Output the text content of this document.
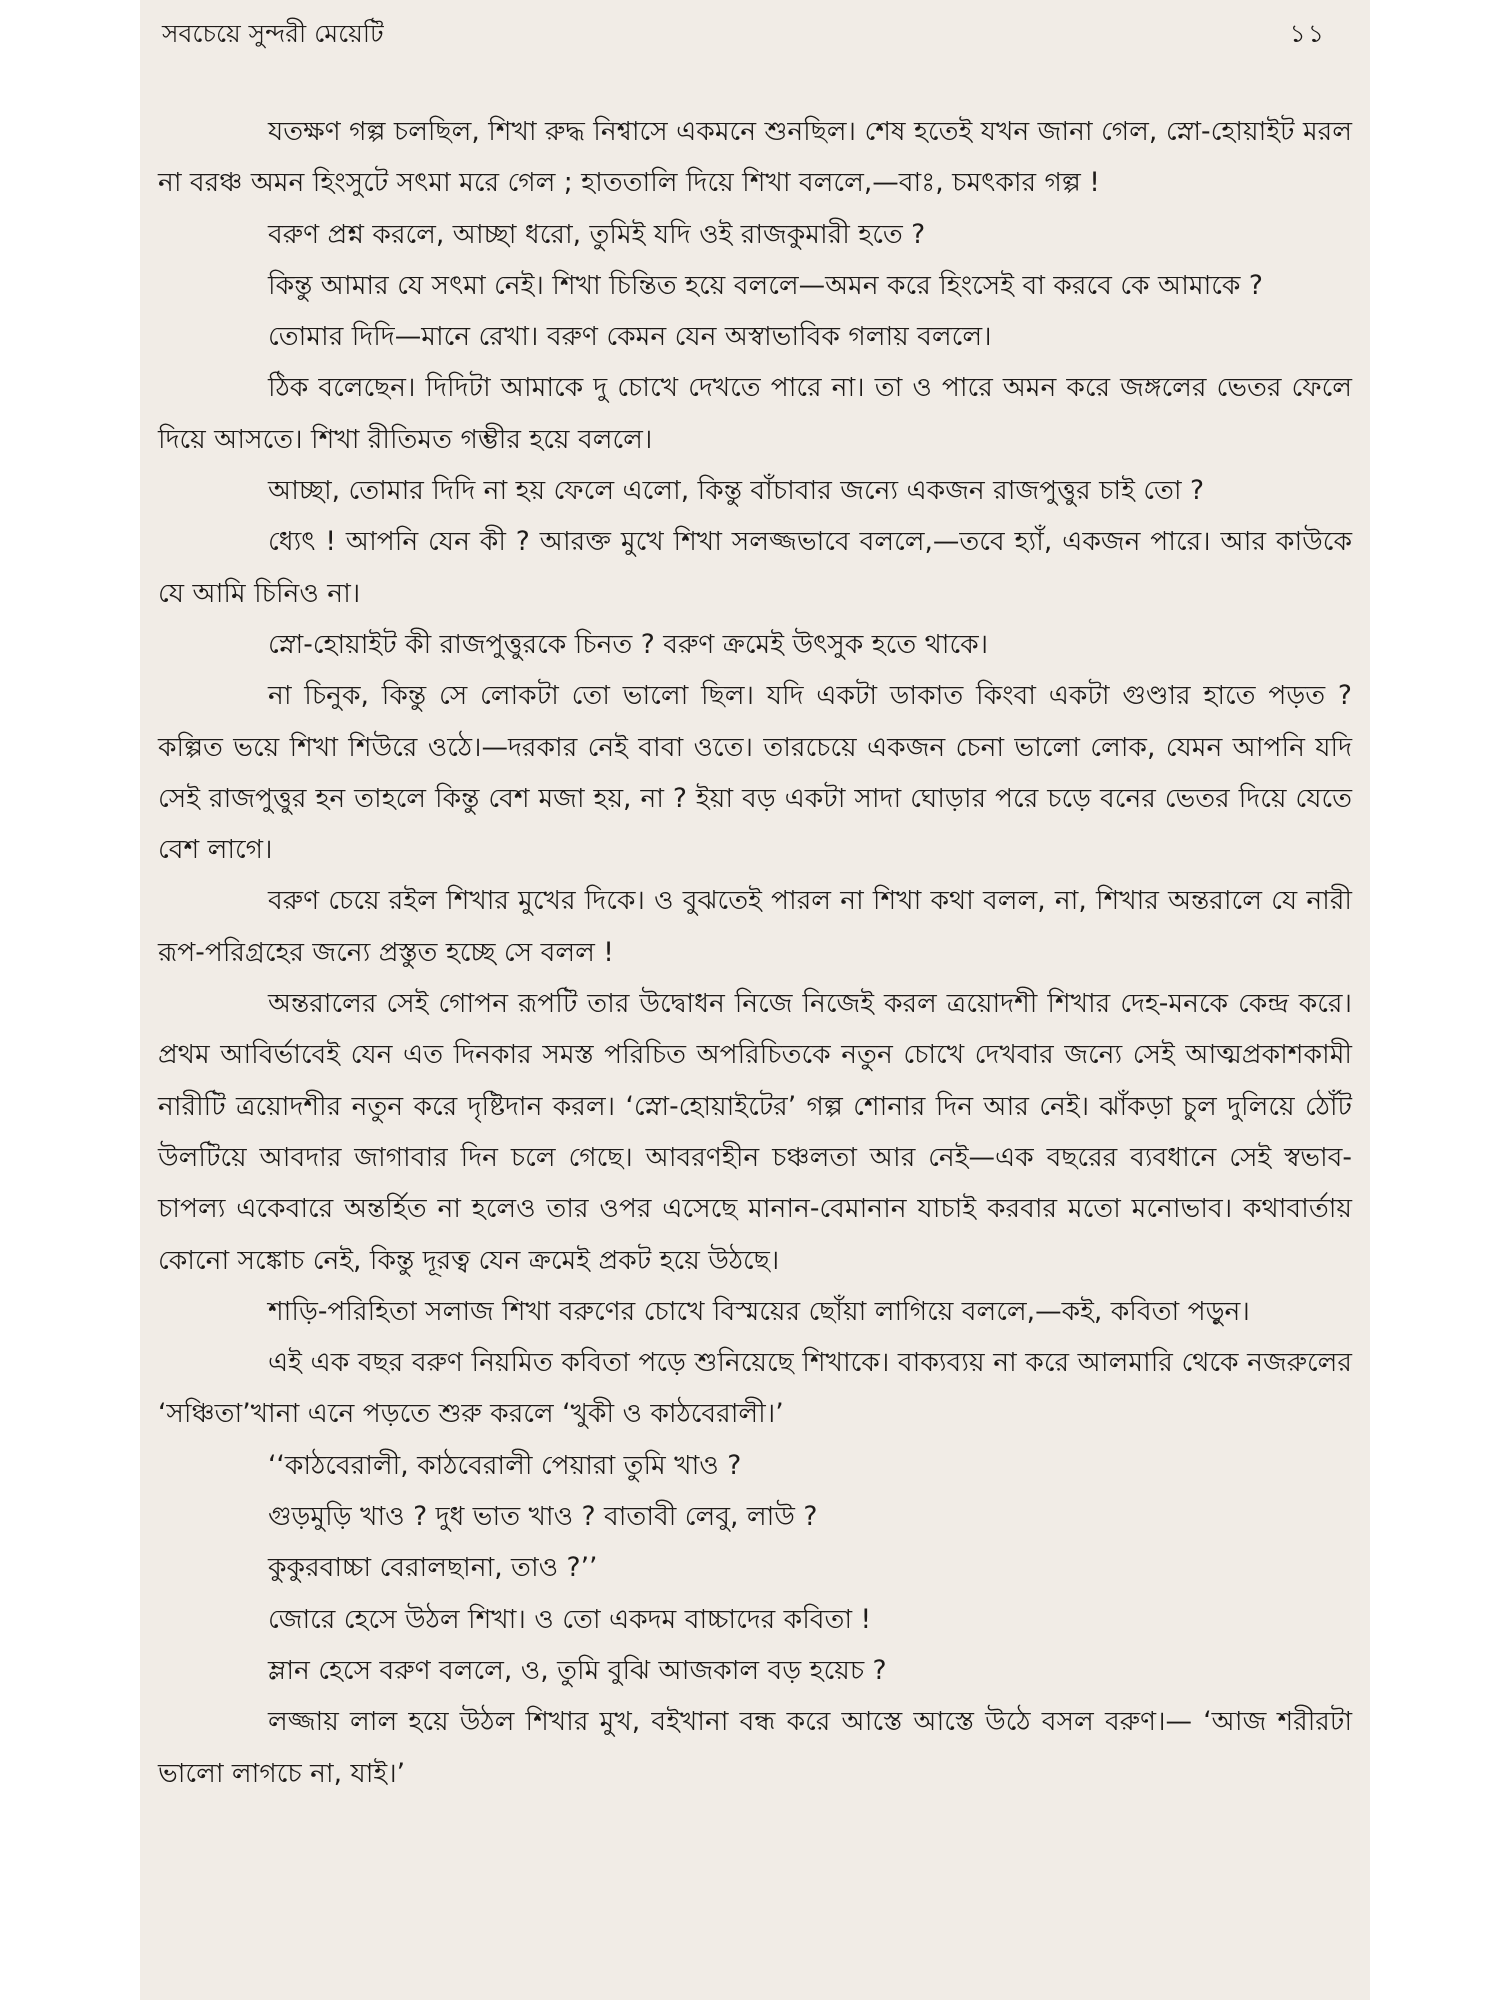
সবচেয়ে সুন্দরী মেয়েটি	১১

যতক্ষণ গল্প চলছিল, শিখা রুদ্ধ নিশ্বাসে একমনে শুনছিল। শেষ হতেই যখন জানা গেল, স্নো-হোয়াইট মরল না বরঞ্চ অমন হিংসুটে সৎমা মরে গেল ; হাততালি দিয়ে শিখা বললে,—বাঃ, চমৎকার গল্প !

বরুণ প্রশ্ন করলে, আচ্ছা ধরো, তুমিই যদি ওই রাজকুমারী হতে ?

কিন্তু আমার যে সৎমা নেই। শিখা চিন্তিত হয়ে বললে—অমন করে হিংসেই বা করবে কে আমাকে ?

তোমার দিদি—মানে রেখা। বরুণ কেমন যেন অস্বাভাবিক গলায় বললে।

ঠিক বলেছেন। দিদিটা আমাকে দু চোখে দেখতে পারে না। তা ও পারে অমন করে জঙ্গলের ভেতর ফেলে দিয়ে আসতে। শিখা রীতিমত গম্ভীর হয়ে বললে।

আচ্ছা, তোমার দিদি না হয় ফেলে এলো, কিন্তু বাঁচাবার জন্যে একজন রাজপুত্তুর চাই তো ?

ধ্যেৎ ! আপনি যেন কী ? আরক্ত মুখে শিখা সলজ্জভাবে বললে,—তবে হ্যাঁ, একজন পারে। আর কাউকে যে আমি চিনিও না।

স্নো-হোয়াইট কী রাজপুত্তুরকে চিনত ? বরুণ ক্রমেই উৎসুক হতে থাকে।

না চিনুক, কিন্তু সে লোকটা তো ভালো ছিল। যদি একটা ডাকাত কিংবা একটা গুণ্ডার হাতে পড়ত ? কল্পিত ভয়ে শিখা শিউরে ওঠে।—দরকার নেই বাবা ওতে। তারচেয়ে একজন চেনা ভালো লোক, যেমন আপনি যদি সেই রাজপুত্তুর হন তাহলে কিন্তু বেশ মজা হয়, না ? ইয়া বড় একটা সাদা ঘোড়ার পরে চড়ে বনের ভেতর দিয়ে যেতে বেশ লাগে।

বরুণ চেয়ে রইল শিখার মুখের দিকে। ও বুঝতেই পারল না শিখা কথা বলল, না, শিখার অন্তরালে যে নারী রূপ-পরিগ্রহের জন্যে প্রস্তুত হচ্ছে সে বলল !

অন্তরালের সেই গোপন রূপটি তার উদ্বোধন নিজে নিজেই করল ত্রয়োদশী শিখার দেহ-মনকে কেন্দ্র করে। প্রথম আবির্ভাবেই যেন এত দিনকার সমস্ত পরিচিত অপরিচিতকে নতুন চোখে দেখবার জন্যে সেই আত্মপ্রকাশকামী নারীটি ত্রয়োদশীর নতুন করে দৃষ্টিদান করল। ‘স্নো-হোয়াইটের’ গল্প শোনার দিন আর নেই। ঝাঁকড়া চুল দুলিয়ে ঠোঁট উলটিয়ে আবদার জাগাবার দিন চলে গেছে। আবরণহীন চঞ্চলতা আর নেই—এক বছরের ব্যবধানে সেই স্বভাব-চাপল্য একেবারে অন্তর্হিত না হলেও তার ওপর এসেছে মানান-বেমানান যাচাই করবার মতো মনোভাব। কথাবার্তায় কোনো সঙ্কোচ নেই, কিন্তু দূরত্ব যেন ক্রমেই প্রকট হয়ে উঠছে।

শাড়ি-পরিহিতা সলাজ শিখা বরুণের চোখে বিস্ময়ের ছোঁয়া লাগিয়ে বললে,—কই, কবিতা পড়ুন।

এই এক বছর বরুণ নিয়মিত কবিতা পড়ে শুনিয়েছে শিখাকে। বাক্যব্যয় না করে আলমারি থেকে নজরুলের ‘সঞ্চিতা’খানা এনে পড়তে শুরু করলে ‘খুকী ও কাঠবেরালী।’

‘‘কাঠবেরালী, কাঠবেরালী পেয়ারা তুমি খাও ?

গুড়মুড়ি খাও ? দুধ ভাত খাও ? বাতাবী লেবু, লাউ ?

কুকুরবাচ্চা বেরালছানা, তাও ?’’

জোরে হেসে উঠল শিখা। ও তো একদম বাচ্চাদের কবিতা !

ম্লান হেসে বরুণ বললে, ও, তুমি বুঝি আজকাল বড় হয়েচ ?

লজ্জায় লাল হয়ে উঠল শিখার মুখ, বইখানা বন্ধ করে আস্তে আস্তে উঠে বসল বরুণ।— ‘আজ শরীরটা ভালো লাগচে না, যাই।’
